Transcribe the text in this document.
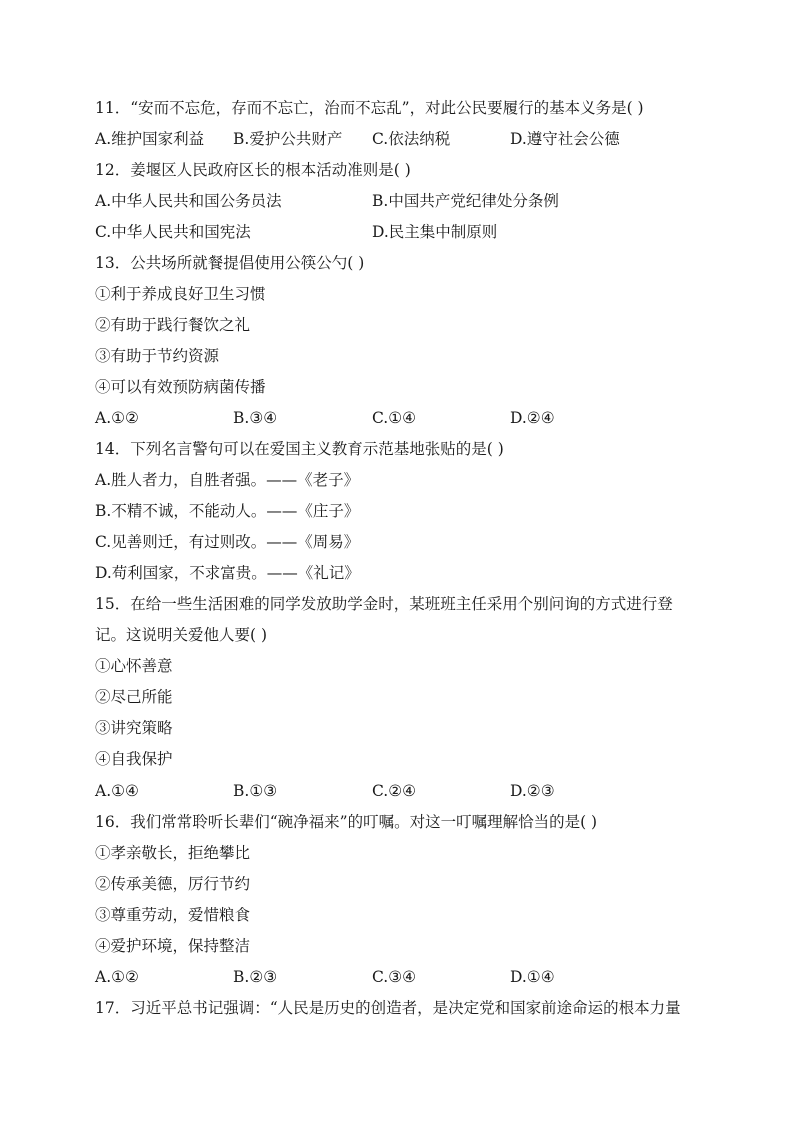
11．“安而不忘危，存而不忘亡，治而不忘乱”，对此公民要履行的基本义务是( )
A.维护国家利益 B.爱护公共财产 C.依法纳税	D.遵守社会公德
12．姜堰区人民政府区长的根本活动准则是( )
A.中华人民共和国公务员法	B.中国共产党纪律处分条例
C.中华人民共和国宪法	D.民主集中制原则
13．公共场所就餐提倡使用公筷公勺( )
①利于养成良好卫生习惯
②有助于践行餐饮之礼
③有助于节约资源
④可以有效预防病菌传播
A.①②	B.③④	C.①④	D.②④
14．下列名言警句可以在爱国主义教育示范基地张贴的是( )
A.胜人者力，自胜者强。——《老子》
B.不精不诚，不能动人。——《庄子》
C.见善则迁，有过则改。——《周易》
D.苟利国家，不求富贵。——《礼记》
15．在给一些生活困难的同学发放助学金时，某班班主任采用个别问询的方式进行登
记。这说明关爱他人要( )
①心怀善意
②尽己所能
③讲究策略
④自我保护
A.①④	B.①③	C.②④	D.②③
16．我们常常聆听长辈们“碗净福来”的叮嘱。对这一叮嘱理解恰当的是( )
①孝亲敬长，拒绝攀比
②传承美德，厉行节约
③尊重劳动，爱惜粮食
④爱护环境，保持整洁
A.①②	B.②③	C.③④	D.①④
17．习近平总书记强调：“人民是历史的创造者，是决定党和国家前途命运的根本力量
